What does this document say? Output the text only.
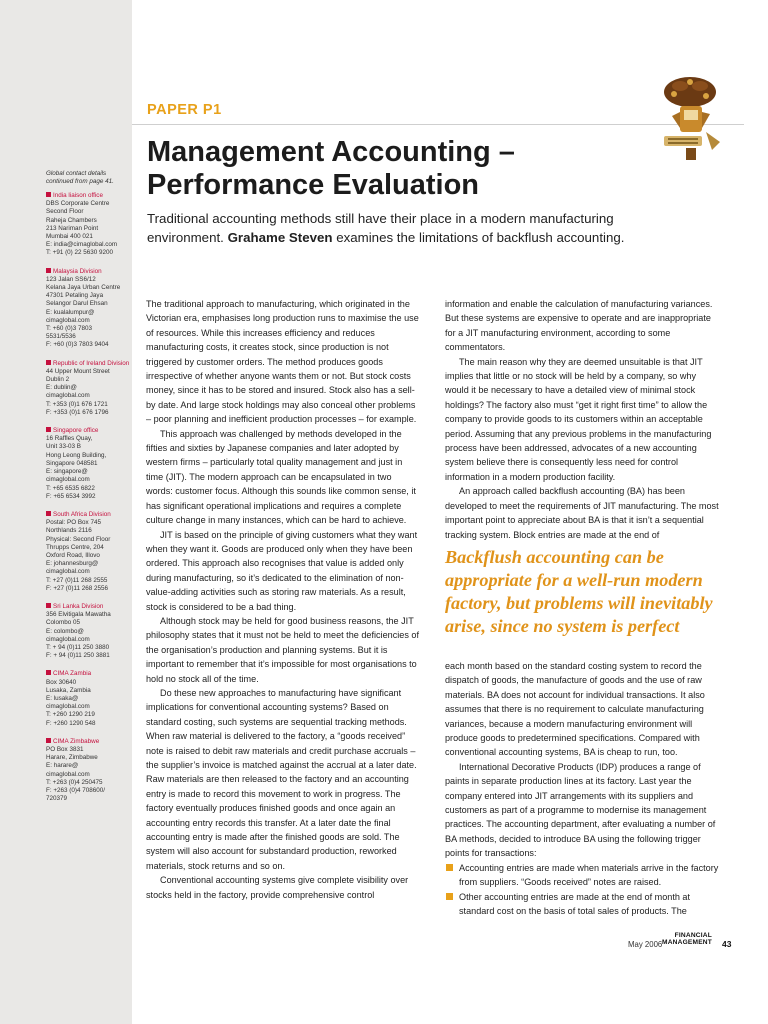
Global contact details continued from page 41.
India liaison office
DBS Corporate Centre
Second Floor
Raheja Chambers
213 Nariman Point
Mumbai 400 021
E: india@cimaglobal.com
T: +91 (0) 22 5630 9200
Malaysia Division
123 Jalan SS6/12
Kelana Jaya Urban Centre
47301 Petaling Jaya
Selangor Darul Ehsan
E: kualalumpur@
cimaglobal.com
T: +60 (0)3 7803
5531/5536
F: +60 (0)3 7803 9404
Republic of Ireland Division
44 Upper Mount Street
Dublin 2
E: dublin@
cimaglobal.com
T: +353 (0)1 676 1721
F: +353 (0)1 676 1796
Singapore office
16 Raffles Quay,
Unit 33-03 B
Hong Leong Building,
Singapore 048581
E: singapore@
cimaglobal.com
T: +65 6535 6822
F: +65 6534 3992
South Africa Division
Postal: PO Box 745
Northlands 2116
Physical: Second Floor
Thrupps Centre, 204
Oxford Road, Illovo
E: johannesburg@
cimaglobal.com
T: +27 (0)11 268 2555
F: +27 (0)11 268 2556
Sri Lanka Division
356 Elvitigala Mawatha
Colombo 05
E: colombo@
cimaglobal.com
T: + 94 (0)11 250 3880
F: + 94 (0)11 250 3881
CIMA Zambia
Box 30640
Lusaka, Zambia
E: lusaka@
cimaglobal.com
T: +260 1290 219
F: +260 1290 548
CIMA Zimbabwe
PO Box 3831
Harare, Zimbabwe
E: harare@
cimaglobal.com
T: +263 (0)4 250475
F: +263 (0)4 708600/
720379
PAPER P1
Management Accounting –
Performance Evaluation
Traditional accounting methods still have their place in a modern manufacturing environment. Grahame Steven examines the limitations of backflush accounting.

The traditional approach to manufacturing, which originated in the Victorian era, emphasises long production runs to maximise the use of resources. While this increases efficiency and reduces manufacturing costs, it creates stock, since production is not triggered by customer orders. The method produces goods irrespective of whether anyone wants them or not. But stock costs money, since it has to be stored and insured. Stock also has a sell-by date. And large stock holdings may also conceal other problems – poor planning and inefficient production processes – for example.

This approach was challenged by methods developed in the fifties and sixties by Japanese companies and later adopted by western firms – particularly total quality management and just in time (JIT). The modern approach can be encapsulated in two words: customer focus. Although this sounds like common sense, it has significant operational implications and requires a complete culture change in many instances, which can be hard to achieve.

JIT is based on the principle of giving customers what they want when they want it. Goods are produced only when they have been ordered. This approach also recognises that value is added only during manufacturing, so it’s dedicated to the elimination of non-value-adding activities such as storing raw materials. As a result, stock is considered to be a bad thing.

Although stock may be held for good business reasons, the JIT philosophy states that it must not be held to meet the deficiencies of the organisation’s production and planning systems. But it is important to remember that it’s impossible for most organisations to hold no stock all of the time.

Do these new approaches to manufacturing have significant implications for conventional accounting systems? Based on standard costing, such systems are sequential tracking methods. When raw material is delivered to the factory, a “goods received” note is raised to debit raw materials and credit purchase accruals – the supplier’s invoice is matched against the accrual at a later date. Raw materials are then released to the factory and an accounting entry is made to record this movement to work in progress. The factory eventually produces finished goods and once again an accounting entry records this transfer. At a later date the final accounting entry is made after the finished goods are sold. The system will also account for substandard production, reworked materials, stock returns and so on.

Conventional accounting systems give complete visibility over stocks held in the factory, provide comprehensive control

information and enable the calculation of manufacturing variances. But these systems are expensive to operate and are inappropriate for a JIT manufacturing environment, according to some commentators.

The main reason why they are deemed unsuitable is that JIT implies that little or no stock will be held by a company, so why would it be necessary to have a detailed view of minimal stock holdings? The factory also must “get it right first time” to allow the company to provide goods to its customers within an acceptable period. Assuming that any previous problems in the manufacturing process have been addressed, advocates of a new accounting system believe there is consequently less need for control information in a modern production facility.

An approach called backflush accounting (BA) has been developed to meet the requirements of JIT manufacturing. The most important point to appreciate about BA is that it isn’t a sequential tracking system. Block entries are made at the end of

Backflush accounting can be appropriate for a well-run modern factory, but problems will inevitably arise, since no system is perfect

each month based on the standard costing system to record the dispatch of goods, the manufacture of goods and the use of raw materials. BA does not account for individual transactions. It also assumes that there is no requirement to calculate manufacturing variances, because a modern manufacturing environment will produce goods to predetermined specifications. Compared with conventional accounting systems, BA is cheap to run, too.

International Decorative Products (IDP) produces a range of paints in separate production lines at its factory. Last year the company entered into JIT arrangements with its suppliers and customers as part of a programme to modernise its management practices. The accounting department, after evaluating a number of BA methods, decided to introduce BA using the following trigger points for transactions:

Accounting entries are made when materials arrive in the factory from suppliers. “Goods received” notes are raised.
Other accounting entries are made at the end of month at standard cost on the basis of total sales of products. The
May 2006
FINANCIAL
MANAGEMENT 43
